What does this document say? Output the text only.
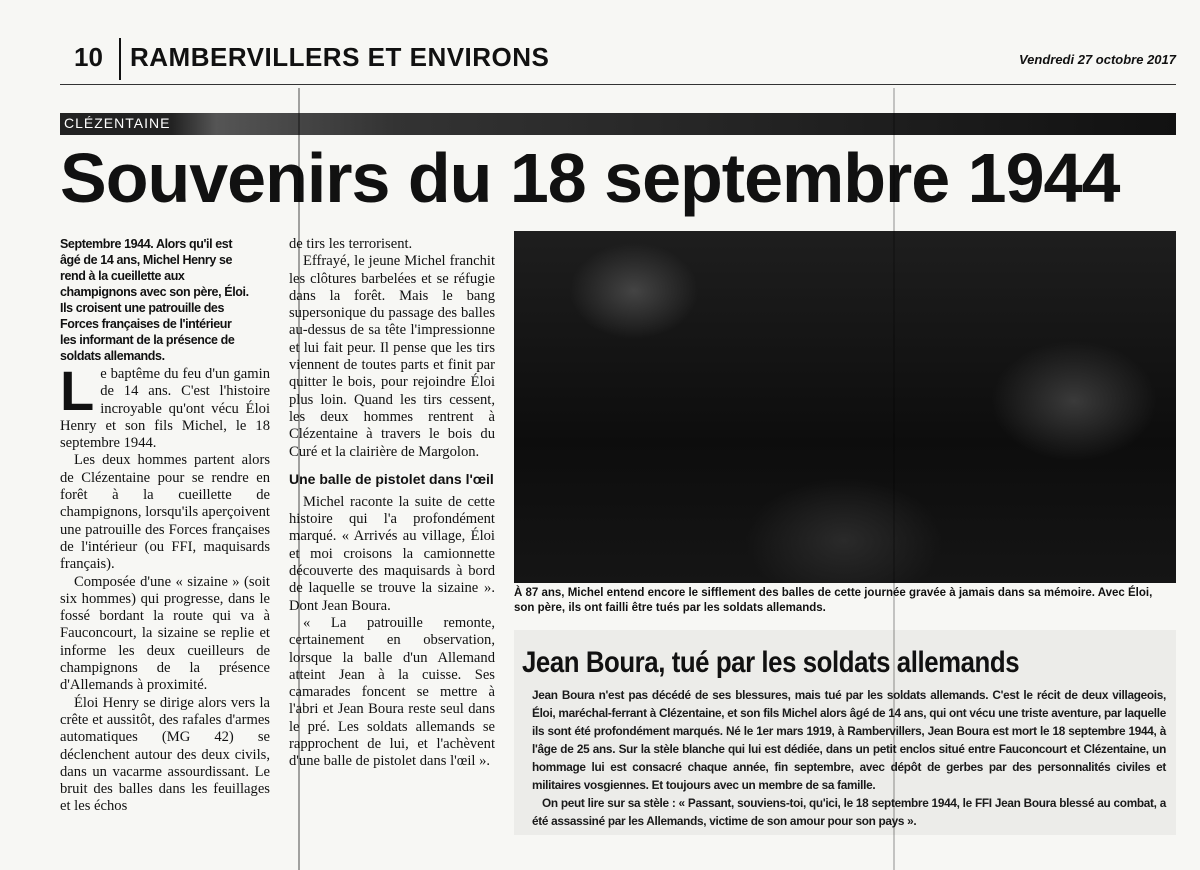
10 RAMBERVILLERS ET ENVIRONS	Vendredi 27 octobre 2017
CLÉZENTAINE
Souvenirs du 18 septembre 1944
Septembre 1944. Alors qu'il est âgé de 14 ans, Michel Henry se rend à la cueillette aux champignons avec son père, Éloi. Ils croisent une patrouille des Forces françaises de l'intérieur les informant de la présence de soldats allemands.

Le baptême du feu d'un gamin de 14 ans. C'est l'histoire incroyable qu'ont vécu Éloi Henry et son fils Michel, le 18 septembre 1944.

Les deux hommes partent alors de Clézentaine pour se rendre en forêt à la cueillette de champignons, lorsqu'ils aperçoivent une patrouille des Forces françaises de l'intérieur (ou FFI, maquisards français).

Composée d'une « sizaine » (soit six hommes) qui progresse, dans le fossé bordant la route qui va à Fauconcourt, la sizaine se replie et informe les deux cueilleurs de champignons de la présence d'Allemands à proximité.

Éloi Henry se dirige alors vers la crête et aussitôt, des rafales d'armes automatiques (MG 42) se déclenchent autour des deux civils, dans un vacarme assourdissant. Le bruit des balles dans les feuillages et les échos

de tirs les terrorisent.

Effrayé, le jeune Michel franchit les clôtures barbelées et se réfugie dans la forêt. Mais le bang supersonique du passage des balles au-dessus de sa tête l'impressionne et lui fait peur. Il pense que les tirs viennent de toutes parts et finit par quitter le bois, pour rejoindre Éloi plus loin. Quand les tirs cessent, les deux hommes rentrent à Clézentaine à travers le bois du Curé et la clairière de Margolon.

Une balle de pistolet dans l'œil

Michel raconte la suite de cette histoire qui l'a profondément marqué. « Arrivés au village, Éloi et moi croisons la camionnette découverte des maquisards à bord de laquelle se trouve la sizaine ». Dont Jean Boura.

« La patrouille remonte, certainement en observation, lorsque la balle d'un Allemand atteint Jean à la cuisse. Ses camarades foncent se mettre à l'abri et Jean Boura reste seul dans le pré. Les soldats allemands se rapprochent de lui, et l'achèvent d'une balle de pistolet dans l'œil ».

À 87 ans, Michel entend encore le sifflement des balles de cette journée gravée à jamais dans sa mémoire. Avec Éloi, son père, ils ont failli être tués par les soldats allemands.
Jean Boura, tué par les soldats allemands

Jean Boura n'est pas décédé de ses blessures, mais tué par les soldats allemands. C'est le récit de deux villageois, Éloi, maréchal-ferrant à Clézentaine, et son fils Michel alors âgé de 14 ans, qui ont vécu une triste aventure, par laquelle ils sont été profondément marqués. Né le 1er mars 1919, à Rambervillers, Jean Boura est mort le 18 septembre 1944, à l'âge de 25 ans. Sur la stèle blanche qui lui est dédiée, dans un petit enclos situé entre Fauconcourt et Clézentaine, un hommage lui est consacré chaque année, fin septembre, avec dépôt de gerbes par des personnalités civiles et militaires vosgiennes. Et toujours avec un membre de sa famille.

On peut lire sur sa stèle : « Passant, souviens-toi, qu'ici, le 18 septembre 1944, le FFI Jean Boura blessé au combat, a été assassiné par les Allemands, victime de son amour pour son pays ».
